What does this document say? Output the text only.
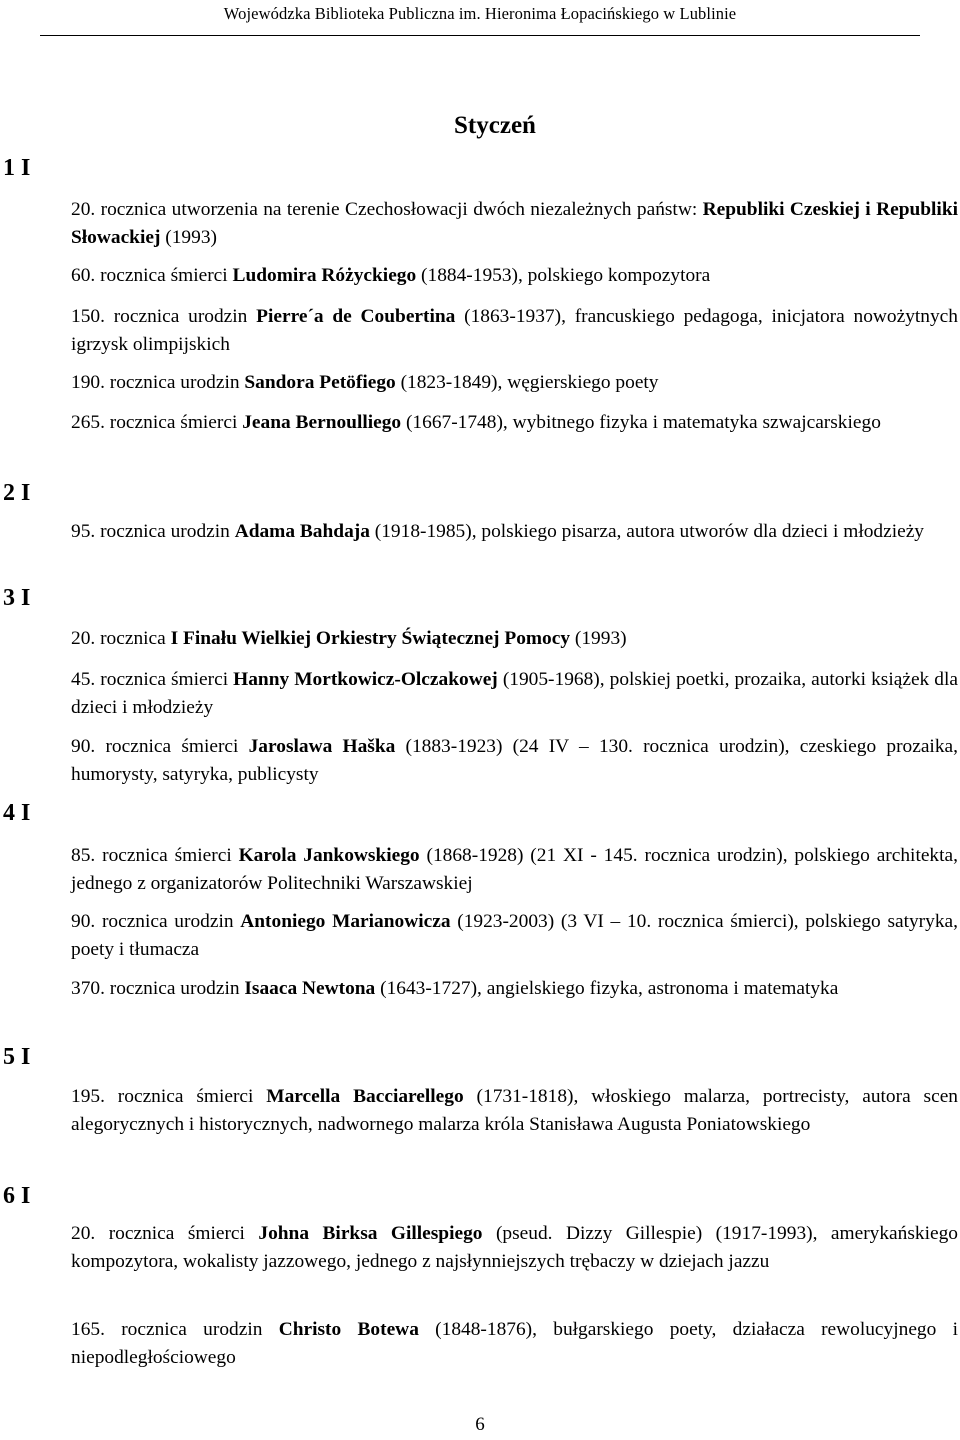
Wojewódzka Biblioteka Publiczna im. Hieronima Łopacińskiego w Lublinie
Styczeń
1 I
2 I
3 I
4 I
5 I
6 I
20. rocznica utworzenia na terenie Czechosłowacji dwóch niezależnych państw: Republiki Czeskiej i Republiki Słowackiej (1993)
60. rocznica śmierci Ludomira Różyckiego (1884-1953), polskiego kompozytora
150. rocznica urodzin Pierre´a de Coubertina (1863-1937), francuskiego pedagoga, inicjatora nowożytnych igrzysk olimpijskich
190. rocznica urodzin Sandora Petöfiego (1823-1849), węgierskiego poety
265. rocznica śmierci Jeana Bernoulliego (1667-1748), wybitnego fizyka i matematyka szwajcarskiego
95. rocznica urodzin Adama Bahdaja (1918-1985), polskiego pisarza, autora utworów dla dzieci i młodzieży
20. rocznica I Finału Wielkiej Orkiestry Świątecznej Pomocy (1993)
45. rocznica śmierci Hanny Mortkowicz-Olczakowej (1905-1968), polskiej poetki, prozaika, autorki książek dla dzieci i młodzieży
90. rocznica śmierci Jaroslawa Haška (1883-1923) (24 IV – 130. rocznica urodzin), czeskiego prozaika, humorysty, satyryka, publicysty
85. rocznica śmierci Karola Jankowskiego (1868-1928) (21 XI - 145. rocznica urodzin), polskiego architekta, jednego z organizatorów Politechniki Warszawskiej
90. rocznica urodzin Antoniego Marianowicza (1923-2003) (3 VI – 10. rocznica śmierci), polskiego satyryka, poety i tłumacza
370. rocznica urodzin Isaaca Newtona (1643-1727), angielskiego fizyka, astronoma i matematyka
195. rocznica śmierci Marcella Bacciarellego (1731-1818), włoskiego malarza, portrecisty, autora scen alegorycznych i historycznych, nadwornego malarza króla Stanisława Augusta Poniatowskiego
20. rocznica śmierci Johna Birksa Gillespiego (pseud. Dizzy Gillespie) (1917-1993), amerykańskiego kompozytora, wokalisty jazzowego, jednego z najsłynniejszych trębaczy w dziejach jazzu
165. rocznica urodzin Christo Botewa (1848-1876), bułgarskiego poety, działacza rewolucyjnego i niepodległościowego
6
